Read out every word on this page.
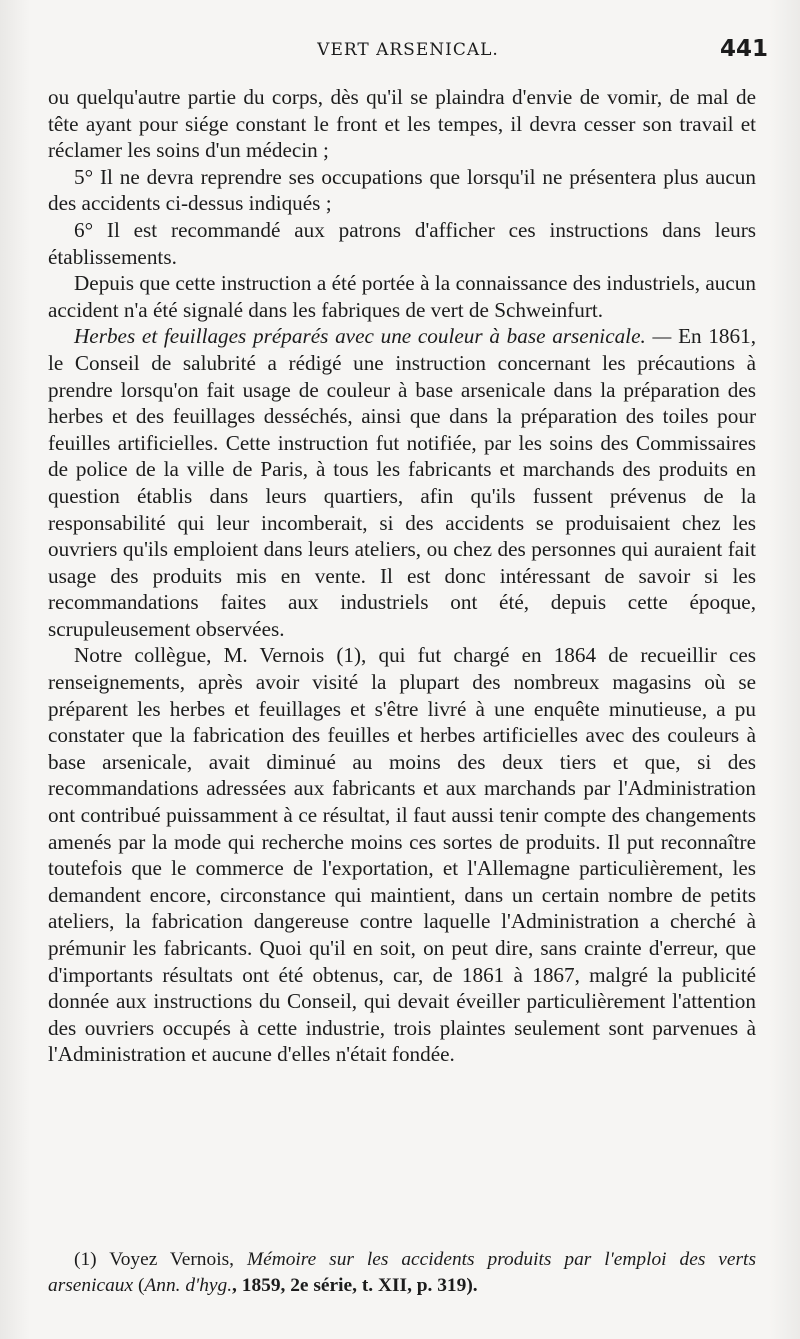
VERT ARSENICAL.	441

ou quelqu'autre partie du corps, dès qu'il se plaindra d'envie de vomir, de mal de tête ayant pour siége constant le front et les tempes, il devra cesser son travail et réclamer les soins d'un médecin ;

5° Il ne devra reprendre ses occupations que lorsqu'il ne présentera plus aucun des accidents ci-dessus indiqués ;

6° Il est recommandé aux patrons d'afficher ces instructions dans leurs établissements.

Depuis que cette instruction a été portée à la connaissance des industriels, aucun accident n'a été signalé dans les fabriques de vert de Schweinfurt.

Herbes et feuillages préparés avec une couleur à base arsenicale. — En 1861, le Conseil de salubrité a rédigé une instruction concernant les précautions à prendre lorsqu'on fait usage de couleur à base arsenicale dans la préparation des herbes et des feuillages desséchés, ainsi que dans la préparation des toiles pour feuilles artificielles. Cette instruction fut notifiée, par les soins des Commissaires de police de la ville de Paris, à tous les fabricants et marchands des produits en question établis dans leurs quartiers, afin qu'ils fussent prévenus de la responsabilité qui leur incomberait, si des accidents se produisaient chez les ouvriers qu'ils emploient dans leurs ateliers, ou chez des personnes qui auraient fait usage des produits mis en vente. Il est donc intéressant de savoir si les recommandations faites aux industriels ont été, depuis cette époque, scrupuleusement observées.

Notre collègue, M. Vernois (1), qui fut chargé en 1864 de recueillir ces renseignements, après avoir visité la plupart des nombreux magasins où se préparent les herbes et feuillages et s'être livré à une enquête minutieuse, a pu constater que la fabrication des feuilles et herbes artificielles avec des couleurs à base arsenicale, avait diminué au moins des deux tiers et que, si des recommandations adressées aux fabricants et aux marchands par l'Administration ont contribué puissamment à ce résultat, il faut aussi tenir compte des changements amenés par la mode qui recherche moins ces sortes de produits. Il put reconnaître toutefois que le commerce de l'exportation, et l'Allemagne particulièrement, les demandent encore, circonstance qui maintient, dans un certain nombre de petits ateliers, la fabrication dangereuse contre laquelle l'Administration a cherché à prémunir les fabricants. Quoi qu'il en soit, on peut dire, sans crainte d'erreur, que d'importants résultats ont été obtenus, car, de 1861 à 1867, malgré la publicité donnée aux instructions du Conseil, qui devait éveiller particulièrement l'attention des ouvriers occupés à cette industrie, trois plaintes seulement sont parvenues à l'Administration et aucune d'elles n'était fondée.

(1) Voyez Vernois, Mémoire sur les accidents produits par l'emploi des verts arsenicaux (Ann. d'hyg., 1859, 2e série, t. XII, p. 319).
